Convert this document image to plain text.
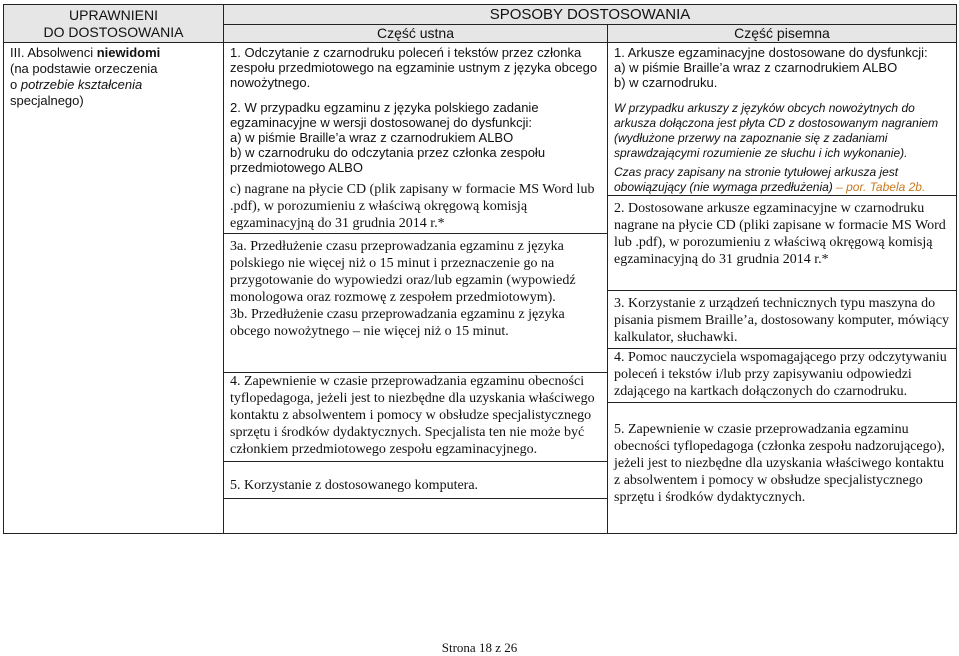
UPRAWNIENI
DO DOSTOSOWANIA
SPOSOBY DOSTOSOWANIA
Część ustna	Część pisemna
III. Absolwenci niewidomi
(na podstawie orzeczenia
o potrzebie kształcenia
specjalnego)

1. Odczytanie z czarnodruku poleceń i tekstów przez członka zespołu przedmiotowego na egzaminie ustnym z języka obcego nowożytnego.

2. W przypadku egzaminu z języka polskiego zadanie egzaminacyjne w wersji dostosowanej do dysfunkcji:

a) w piśmie Braille’a wraz z czarnodrukiem ALBO

b) w czarnodruku do odczytania przez członka zespołu przedmiotowego ALBO

c) nagrane na płycie CD (plik zapisany w formacie MS Word lub .pdf), w porozumieniu z właściwą okręgową komisją egzaminacyjną do 31 grudnia 2014 r.*

3a. Przedłużenie czasu przeprowadzania egzaminu z języka polskiego nie więcej niż o 15 minut i przeznaczenie go na przygotowanie do wypowiedzi oraz/lub egzamin (wypowiedź monologowa oraz rozmowę z zespołem przedmiotowym).

3b. Przedłużenie czasu przeprowadzania egzaminu z języka obcego nowożytnego – nie więcej niż o 15 minut.

4. Zapewnienie w czasie przeprowadzania egzaminu obecności tyflopedagoga, jeżeli jest to niezbędne dla uzyskania właściwego kontaktu z absolwentem i pomocy w obsłudze specjalistycznego sprzętu i środków dydaktycznych. Specjalista ten nie może być członkiem przedmiotowego zespołu egzaminacyjnego.

5. Korzystanie z dostosowanego komputera.

1. Arkusze egzaminacyjne dostosowane do dysfunkcji:

a) w piśmie Braille’a wraz z czarnodrukiem ALBO

b) w czarnodruku.

W przypadku arkuszy z języków obcych nowożytnych do arkusza dołączona jest płyta CD z dostosowanym nagraniem (wydłużone przerwy na zapoznanie się z zadaniami sprawdzającymi rozumienie ze słuchu i ich wykonanie).

Czas pracy zapisany na stronie tytułowej arkusza jest obowiązujący (nie wymaga przedłużenia) – por. Tabela 2b.

2. Dostosowane arkusze egzaminacyjne w czarnodruku nagrane na płycie CD (pliki zapisane w formacie MS Word lub .pdf), w porozumieniu z właściwą okręgową komisją egzaminacyjną do 31 grudnia 2014 r.*

3. Korzystanie z urządzeń technicznych typu maszyna do pisania pismem Braille’a, dostosowany komputer, mówiący kalkulator, słuchawki.

4. Pomoc nauczyciela wspomagającego przy odczytywaniu poleceń i tekstów i/lub przy zapisywaniu odpowiedzi zdającego na kartkach dołączonych do czarnodruku.

5. Zapewnienie w czasie przeprowadzania egzaminu obecności tyflopedagoga (członka zespołu nadzorującego), jeżeli jest to niezbędne dla uzyskania właściwego kontaktu z absolwentem i pomocy w obsłudze specjalistycznego sprzętu i środków dydaktycznych.

Strona 18 z 26
